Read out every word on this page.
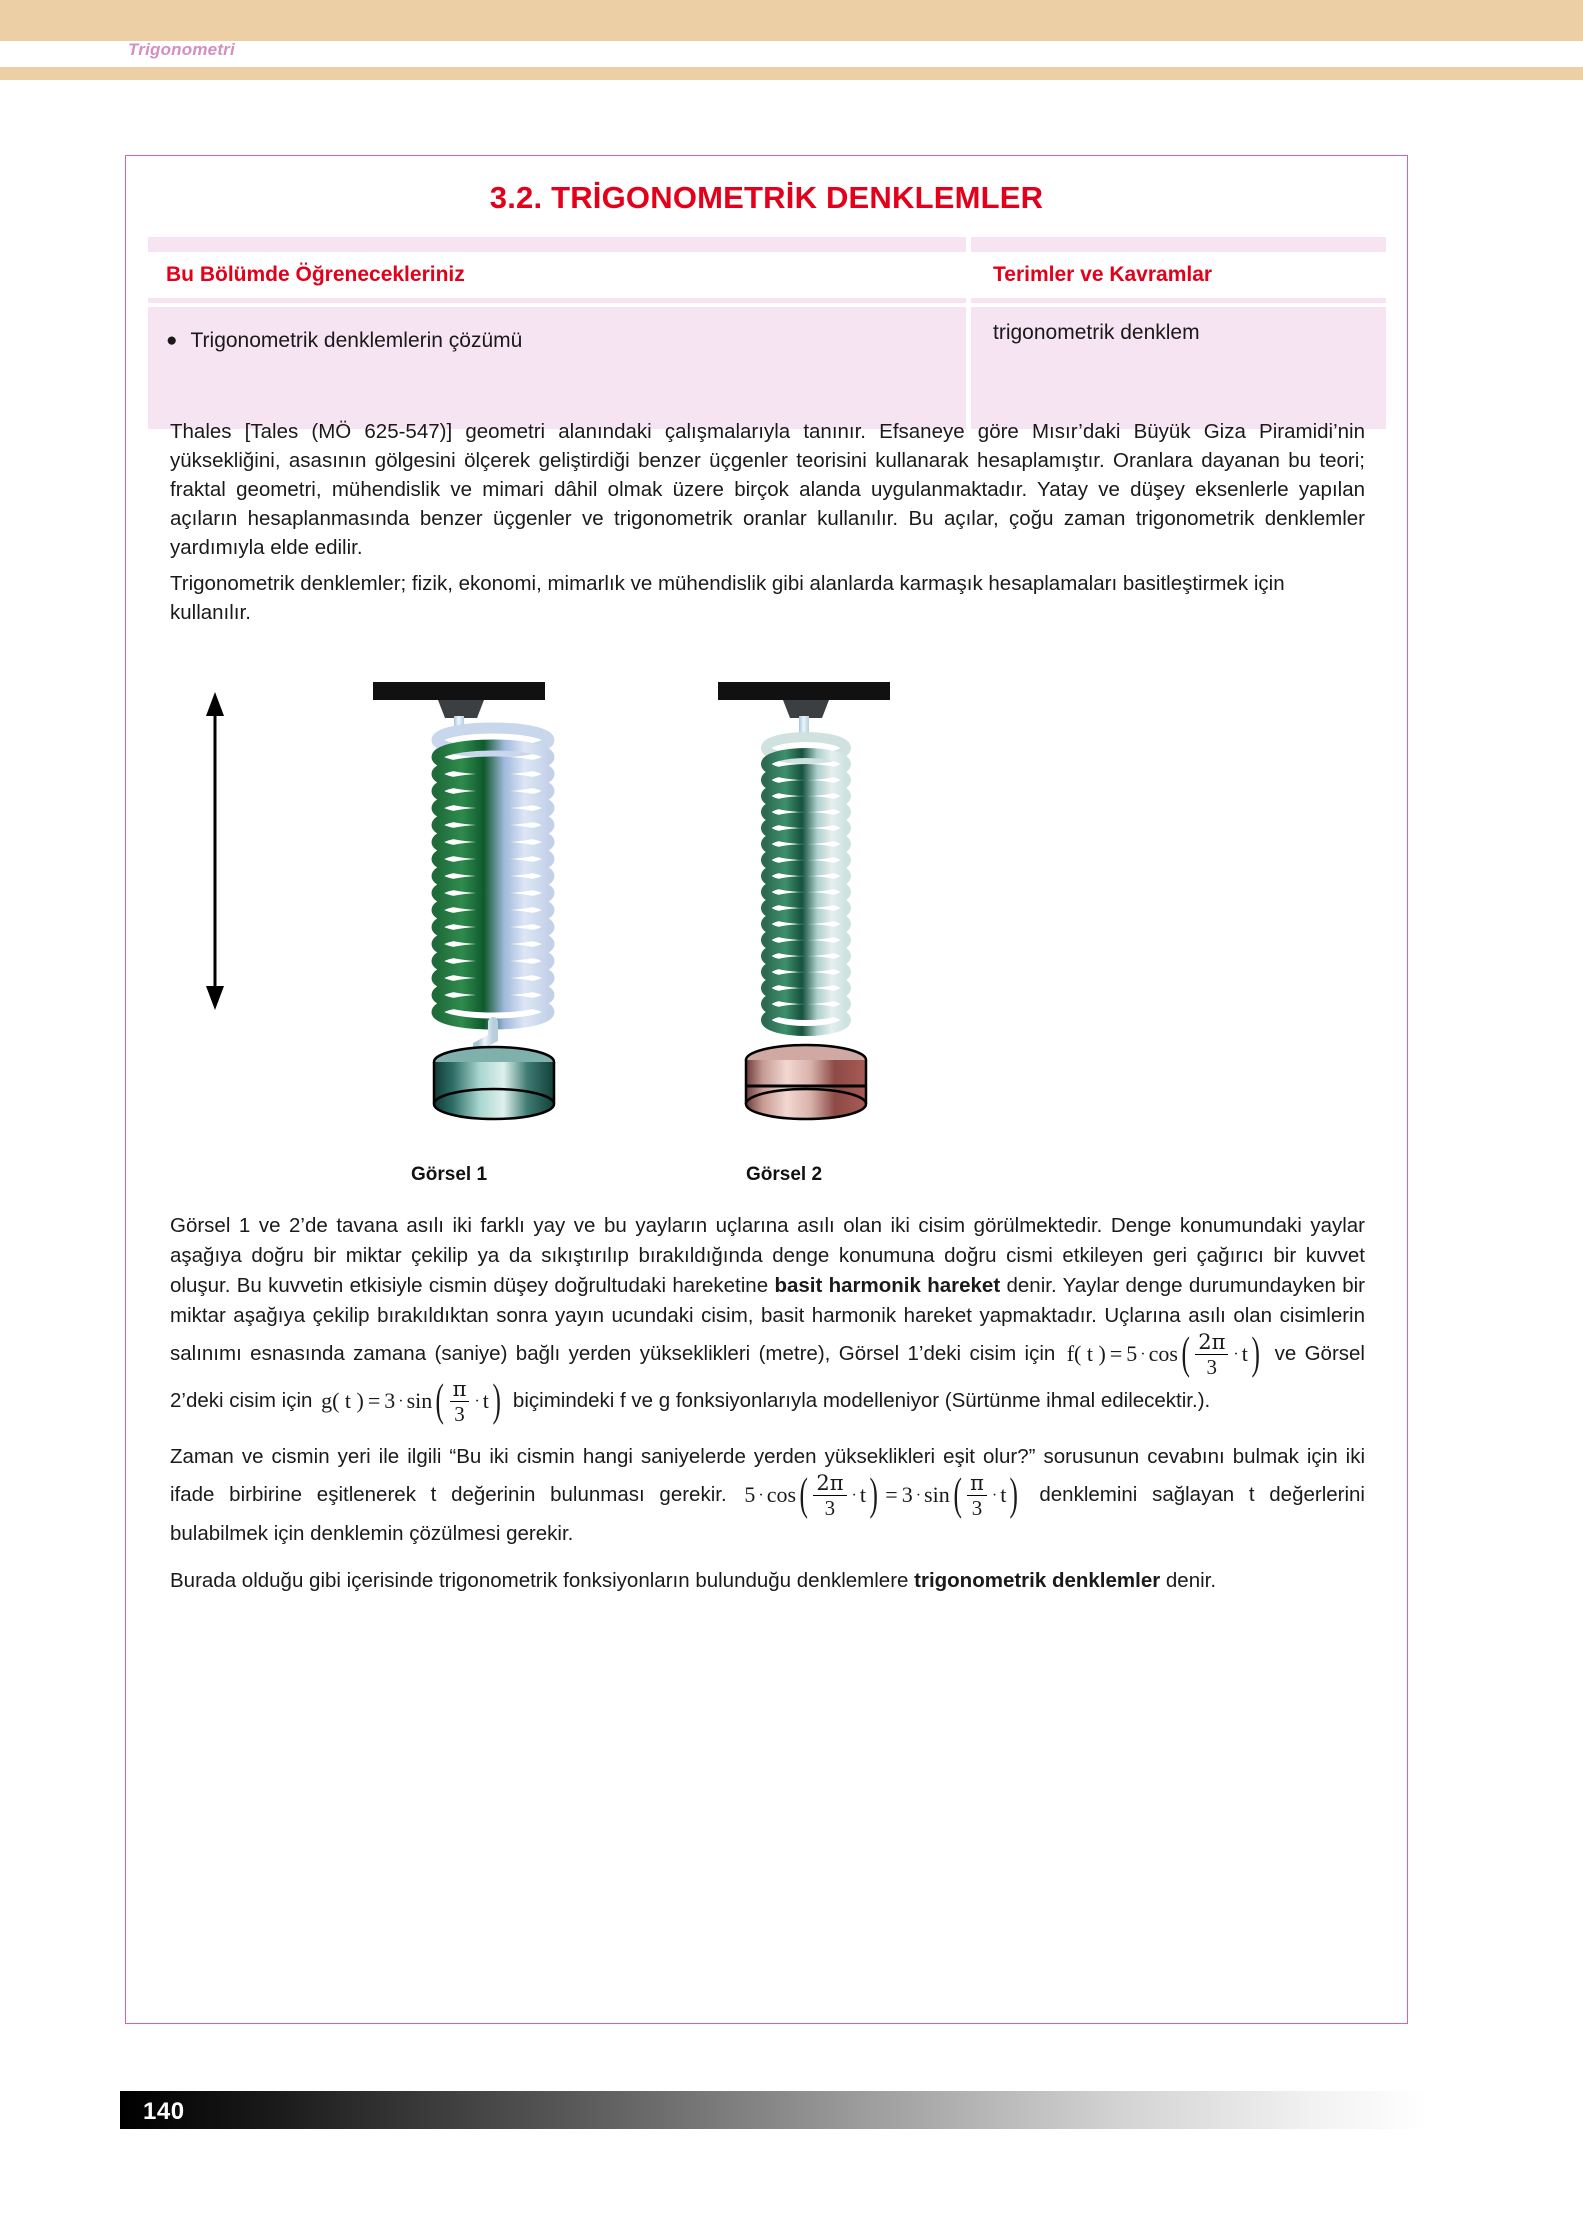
Trigonometri
3.2. TRİGONOMETRİK DENKLEMLER
Bu Bölümde Öğrenecekleriniz
● Trigonometrik denklemlerin çözümü
Terimler ve Kavramlar
trigonometrik denklem
Thales [Tales (MÖ 625-547)] geometri alanındaki çalışmalarıyla tanınır. Efsaneye göre Mısır’daki Büyük Giza Piramidi’nin yüksekliğini, asasının gölgesini ölçerek geliştirdiği benzer üçgenler teorisini kullanarak hesaplamıştır. Oranlara dayanan bu teori; fraktal geometri, mühendislik ve mimari dâhil olmak üzere birçok alanda uygulanmaktadır. Yatay ve düşey eksenlerle yapılan açıların hesaplanmasında benzer üçgenler ve trigonometrik oranlar kullanılır. Bu açılar, çoğu zaman trigonometrik denklemler yardımıyla elde edilir.
Trigonometrik denklemler; fizik, ekonomi, mimarlık ve mühendislik gibi alanlarda karmaşık hesaplamaları basitleştirmek için kullanılır.
Görsel 1	Görsel 2

Görsel 1 ve 2’de tavana asılı iki farklı yay ve bu yayların uçlarına asılı olan iki cisim görülmektedir. Denge konumundaki yaylar aşağıya doğru bir miktar çekilip ya da sıkıştırılıp bırakıldığında denge konumuna doğru cismi etkileyen geri çağırıcı bir kuvvet oluşur. Bu kuvvetin etkisiyle cismin düşey doğrultudaki hareketine basit harmonik hareket denir. Yaylar denge durumundayken bir miktar aşağıya çekilip bırakıldıktan sonra yayın ucundaki cisim, basit harmonik hareket yapmaktadır. Uçlarına asılı olan cisimlerin salınımı esnasında zamana (saniye) bağlı yerden yükseklikleri (metre), Görsel 1’deki cisim için f ( t ) = 5 · cos ( $\frac{2\pi}{3} \cdot t$ ) ve Görsel 2’deki cisim için g ( t ) = 3 · sin ( $\frac{\pi}{3} \cdot t$ ) biçimindeki f ve g fonksiyonlarıyla modelleniyor (Sürtünme ihmal edilecektir.).

Zaman ve cismin yeri ile ilgili “Bu iki cismin hangi saniyelerde yerden yükseklikleri eşit olur?” sorusunun cevabını bulmak için iki ifade birbirine eşitlenerek t değerinin bulunması gerekir. 5 · cos ( $\frac{2\pi}{3} \cdot t$ ) = 3 · sin ( $\frac{\pi}{3} \cdot t$ ) denklemini sağlayan t değerlerini bulabilmek için denklemin çözülmesi gerekir.

Burada olduğu gibi içerisinde trigonometrik fonksiyonların bulunduğu denklemlere trigonometrik denklemler denir.

140
